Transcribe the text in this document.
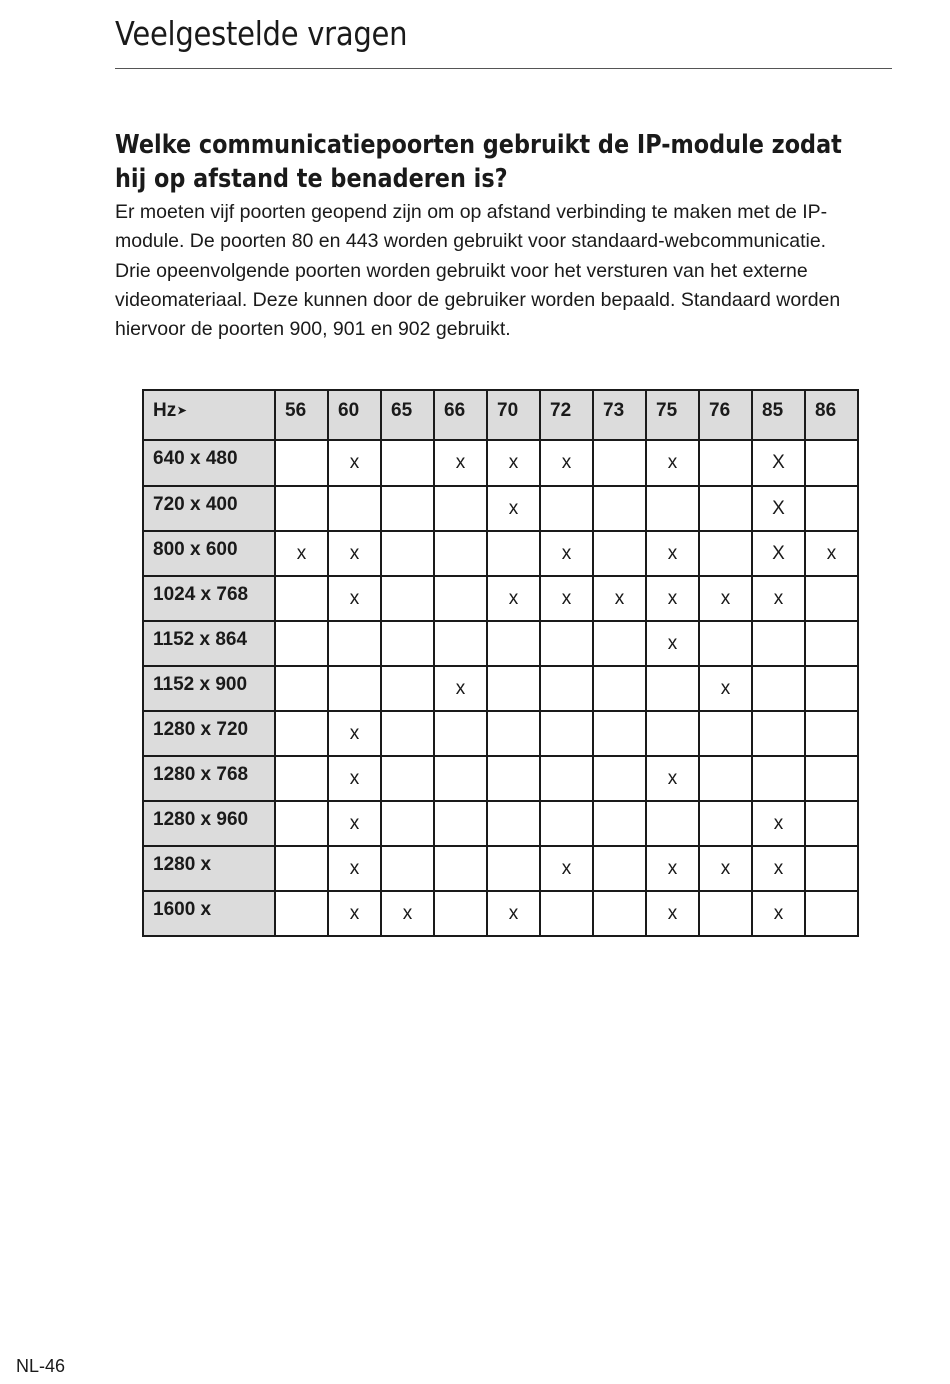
Veelgestelde vragen
Welke communicatiepoorten gebruikt de IP-module zodat hij op afstand te benaderen is?

Er moeten vijf poorten geopend zijn om op afstand verbinding te maken met de IP-module. De poorten 80 en 443 worden gebruikt voor standaard-webcommunicatie. Drie opeenvolgende poorten worden gebruikt voor het versturen van het externe videomateriaal. Deze kunnen door de gebruiker worden bepaald. Standaard worden hiervoor de poorten 900, 901 en 902 gebruikt.

Hz➤	56	60	65	66	70	72	73	75	76	85	86
640 x 480		x		x	x	x		x		X	
720 x 400					x					X	
800 x 600	x	x				x		x		X	x
1024 x 768		x			x	x	x	x	x	x	
1152 x 864								x			
1152 x 900				x					x		
1280 x 720		x									
1280 x 768		x						x			
1280 x 960		x								x	
1280 x		x				x		x	x	x	
1600 x		x	x		x			x		x	
NL-46
